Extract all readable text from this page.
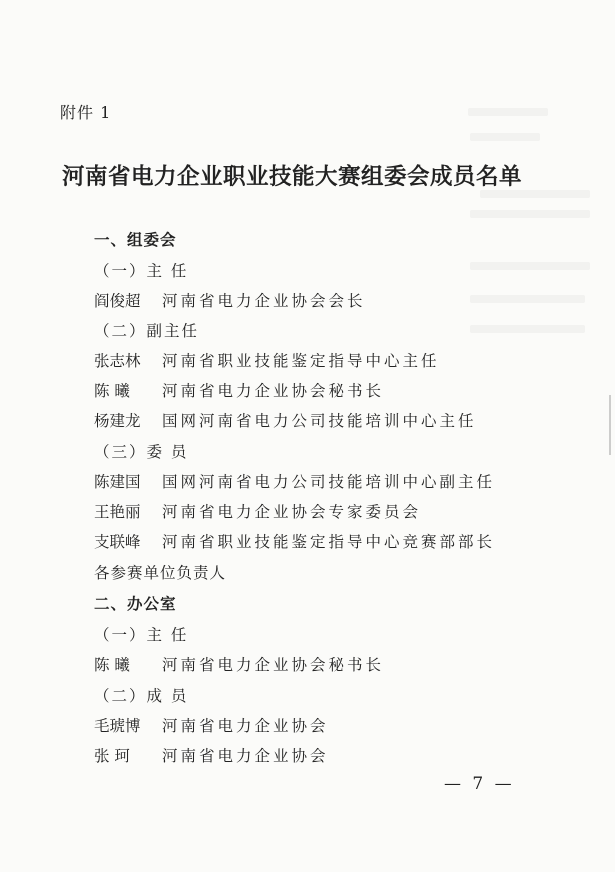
附件 1
河南省电力企业职业技能大赛组委会成员名单
一、组委会
（一）主 任
阎俊超 河南省电力企业协会会长
（二）副主任
张志林 河南省职业技能鉴定指导中心主任
陈 曦 河南省电力企业协会秘书长
杨建龙 国网河南省电力公司技能培训中心主任
（三）委 员
陈建国 国网河南省电力公司技能培训中心副主任
王艳丽 河南省电力企业协会专家委员会
支联峰 河南省职业技能鉴定指导中心竞赛部部长
各参赛单位负责人
二、办公室
（一）主 任
陈 曦 河南省电力企业协会秘书长
（二）成 员
毛琥博 河南省电力企业协会
张 珂 河南省电力企业协会
— 7 —
